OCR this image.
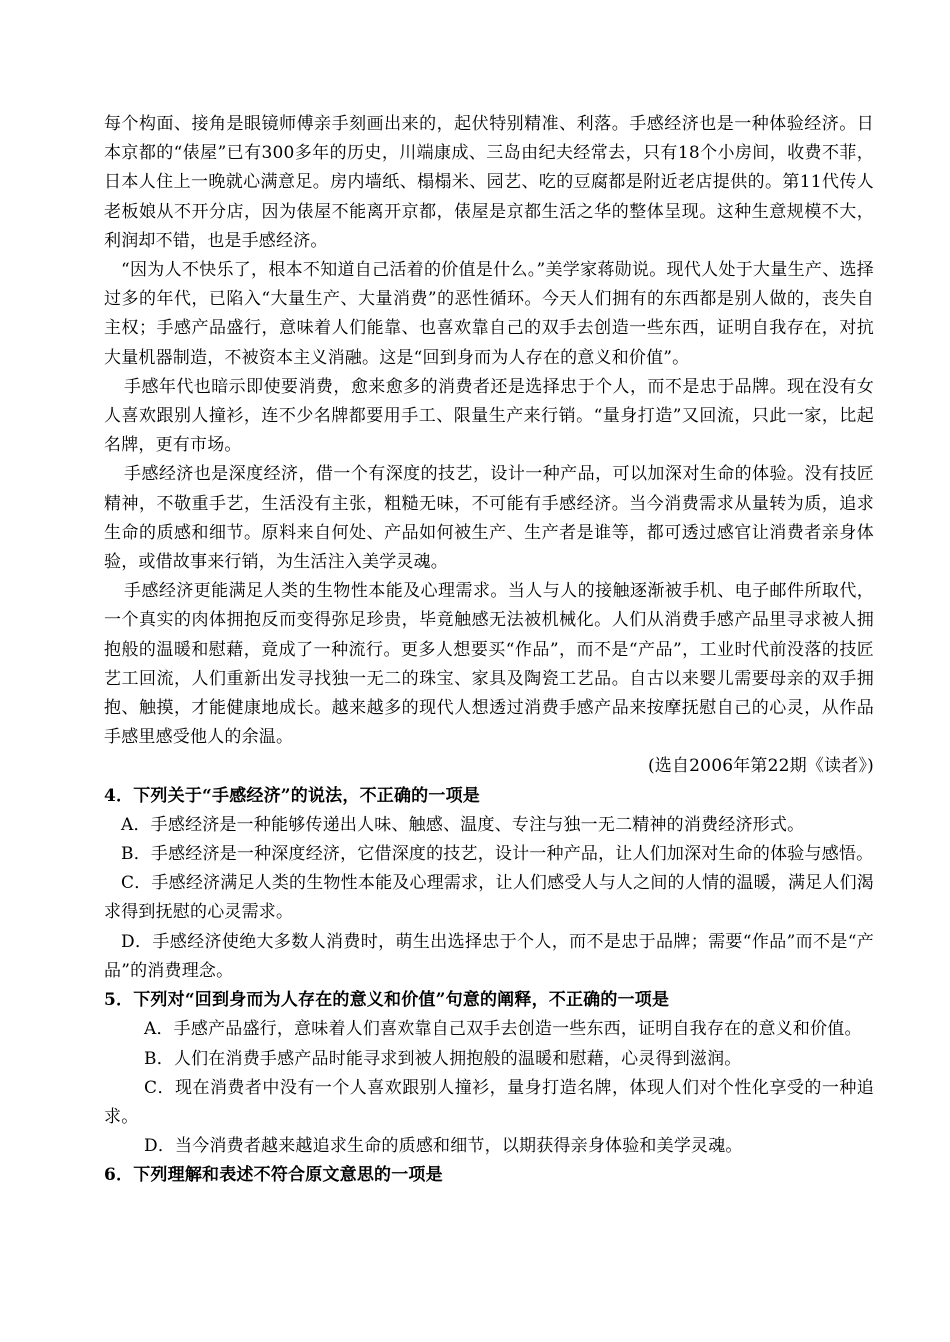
每个构面、接角是眼镜师傅亲手刻画出来的，起伏特别精准、利落。手感经济也是一种体验经济。日本京都的“俵屋”已有300多年的历史，川端康成、三岛由纪夫经常去，只有18个小房间，收费不菲，日本人住上一晚就心满意足。房内墙纸、榻榻米、园艺、吃的豆腐都是附近老店提供的。第11代传人老板娘从不开分店，因为俵屋不能离开京都，俵屋是京都生活之华的整体呈现。这种生意规模不大，利润却不错，也是手感经济。

“因为人不快乐了，根本不知道自己活着的价值是什么。”美学家蒋勋说。现代人处于大量生产、选择过多的年代，已陷入“大量生产、大量消费”的恶性循环。今天人们拥有的东西都是别人做的，丧失自主权；手感产品盛行，意味着人们能靠、也喜欢靠自己的双手去创造一些东西，证明自我存在，对抗大量机器制造，不被资本主义消融。这是“回到身而为人存在的意义和价值”。

手感年代也暗示即使要消费，愈来愈多的消费者还是选择忠于个人，而不是忠于品牌。现在没有女人喜欢跟别人撞衫，连不少名牌都要用手工、限量生产来行销。“量身打造”又回流，只此一家，比起名牌，更有市场。

手感经济也是深度经济，借一个有深度的技艺，设计一种产品，可以加深对生命的体验。没有技匠精神，不敬重手艺，生活没有主张，粗糙无味，不可能有手感经济。当今消费需求从量转为质，追求生命的质感和细节。原料来自何处、产品如何被生产、生产者是谁等，都可透过感官让消费者亲身体验，或借故事来行销，为生活注入美学灵魂。

手感经济更能满足人类的生物性本能及心理需求。当人与人的接触逐渐被手机、电子邮件所取代，一个真实的肉体拥抱反而变得弥足珍贵，毕竟触感无法被机械化。人们从消费手感产品里寻求被人拥抱般的温暖和慰藉，竟成了一种流行。更多人想要买“作品”，而不是“产品”，工业时代前没落的技匠艺工回流，人们重新出发寻找独一无二的珠宝、家具及陶瓷工艺品。自古以来婴儿需要母亲的双手拥抱、触摸，才能健康地成长。越来越多的现代人想透过消费手感产品来按摩抚慰自己的心灵，从作品手感里感受他人的余温。

(选自2006年第22期《读者》)

4．下列关于“手感经济”的说法，不正确的一项是

A．手感经济是一种能够传递出人味、触感、温度、专注与独一无二精神的消费经济形式。

B．手感经济是一种深度经济，它借深度的技艺，设计一种产品，让人们加深对生命的体验与感悟。

C．手感经济满足人类的生物性本能及心理需求，让人们感受人与人之间的人情的温暖，满足人们渴求得到抚慰的心灵需求。

D．手感经济使绝大多数人消费时，萌生出选择忠于个人，而不是忠于品牌；需要“作品”而不是“产品”的消费理念。

5．下列对“回到身而为人存在的意义和价值”句意的阐释，不正确的一项是

A．手感产品盛行，意味着人们喜欢靠自己双手去创造一些东西，证明自我存在的意义和价值。

B．人们在消费手感产品时能寻求到被人拥抱般的温暖和慰藉，心灵得到滋润。

C．现在消费者中没有一个人喜欢跟别人撞衫，量身打造名牌，体现人们对个性化享受的一种追求。

D．当今消费者越来越追求生命的质感和细节，以期获得亲身体验和美学灵魂。

6．下列理解和表述不符合原文意思的一项是
